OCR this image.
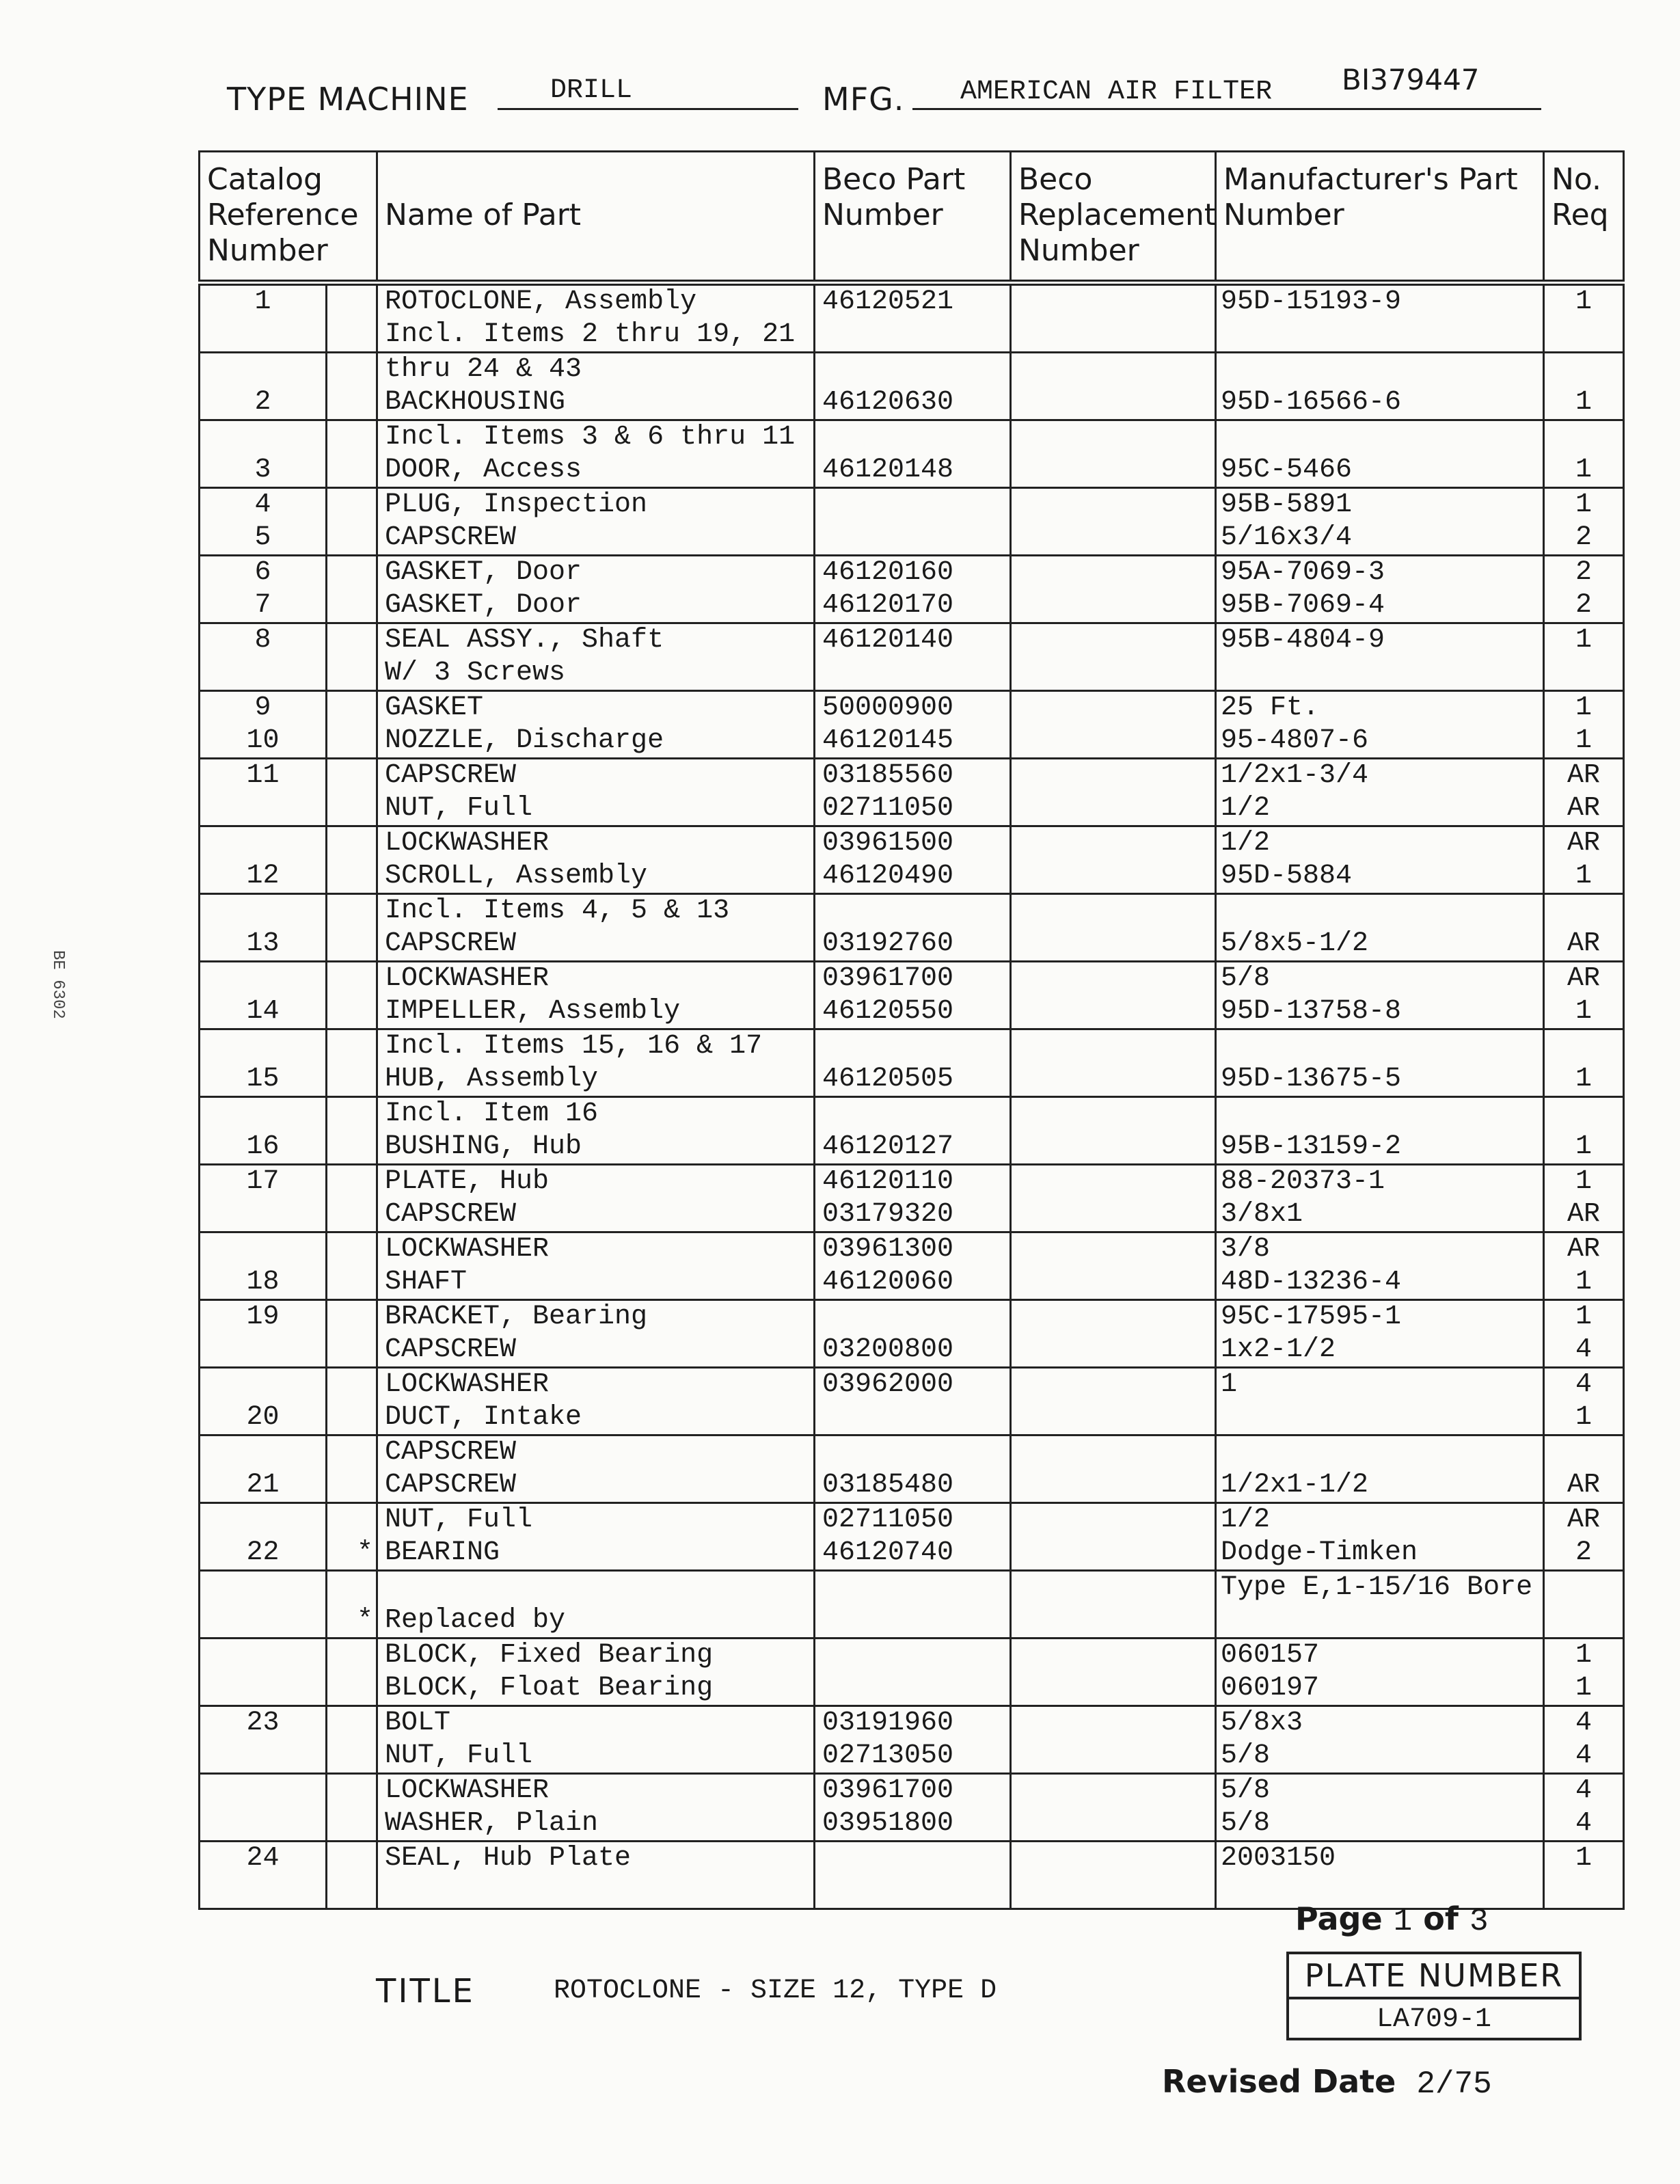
TYPE MACHINE	DRILL	MFG. AMERICAN AIR FILTER BI379447
BE 6302
Catalog Reference Number		Name of Part	Beco Part Number	Beco Replacement Number	Manufacturer's Part Number	No. Req
1		ROTOCLONE, Assembly	46120521		95D-15193-9	1
		Incl. Items 2 thru 19, 21				
		thru 24 & 43				
2		BACKHOUSING	46120630		95D-16566-6	1
		Incl. Items 3 & 6 thru 11				
3		DOOR, Access	46120148		95C-5466	1
4		PLUG, Inspection			95B-5891	1
5		CAPSCREW			5/16x3/4	2
6		GASKET, Door	46120160		95A-7069-3	2
7		GASKET, Door	46120170		95B-7069-4	2
8		SEAL ASSY., Shaft	46120140		95B-4804-9	1
		W/ 3 Screws				
9		GASKET	50000900		25 Ft.	1
10		NOZZLE, Discharge	46120145		95-4807-6	1
11		CAPSCREW	03185560		1/2x1-3/4	AR
		NUT, Full	02711050		1/2	AR
		LOCKWASHER	03961500		1/2	AR
12		SCROLL, Assembly	46120490		95D-5884	1
		Incl. Items 4, 5 & 13				
13		CAPSCREW	03192760		5/8x5-1/2	AR
		LOCKWASHER	03961700		5/8	AR
14		IMPELLER, Assembly	46120550		95D-13758-8	1
		Incl. Items 15, 16 & 17				
15		HUB, Assembly	46120505		95D-13675-5	1
		Incl. Item 16				
16		BUSHING, Hub	46120127		95B-13159-2	1
17		PLATE, Hub	46120110		88-20373-1	1
		CAPSCREW	03179320		3/8x1	AR
		LOCKWASHER	03961300		3/8	AR
18		SHAFT	46120060		48D-13236-4	1
19		BRACKET, Bearing			95C-17595-1	1
		CAPSCREW	03200800		1x2-1/2	4
		LOCKWASHER	03962000		1	4
20		DUCT, Intake				1
		CAPSCREW				
21		CAPSCREW	03185480		1/2x1-1/2	AR
		NUT, Full	02711050		1/2	AR
22	*	BEARING	46120740		Dodge-Timken	2
					Type E,1-15/16 Bore	
	*	Replaced by				
		BLOCK, Fixed Bearing			060157	1
		BLOCK, Float Bearing			060197	1
23		BOLT	03191960		5/8x3	4
		NUT, Full	02713050		5/8	4
		LOCKWASHER	03961700		5/8	4
		WASHER, Plain	03951800		5/8	4
24		SEAL, Hub Plate			2003150	1
Page 1 of 3
TITLE	ROTOCLONE - SIZE 12, TYPE D	PLATE NUMBER
LA709-1
Revised Date 2/75
